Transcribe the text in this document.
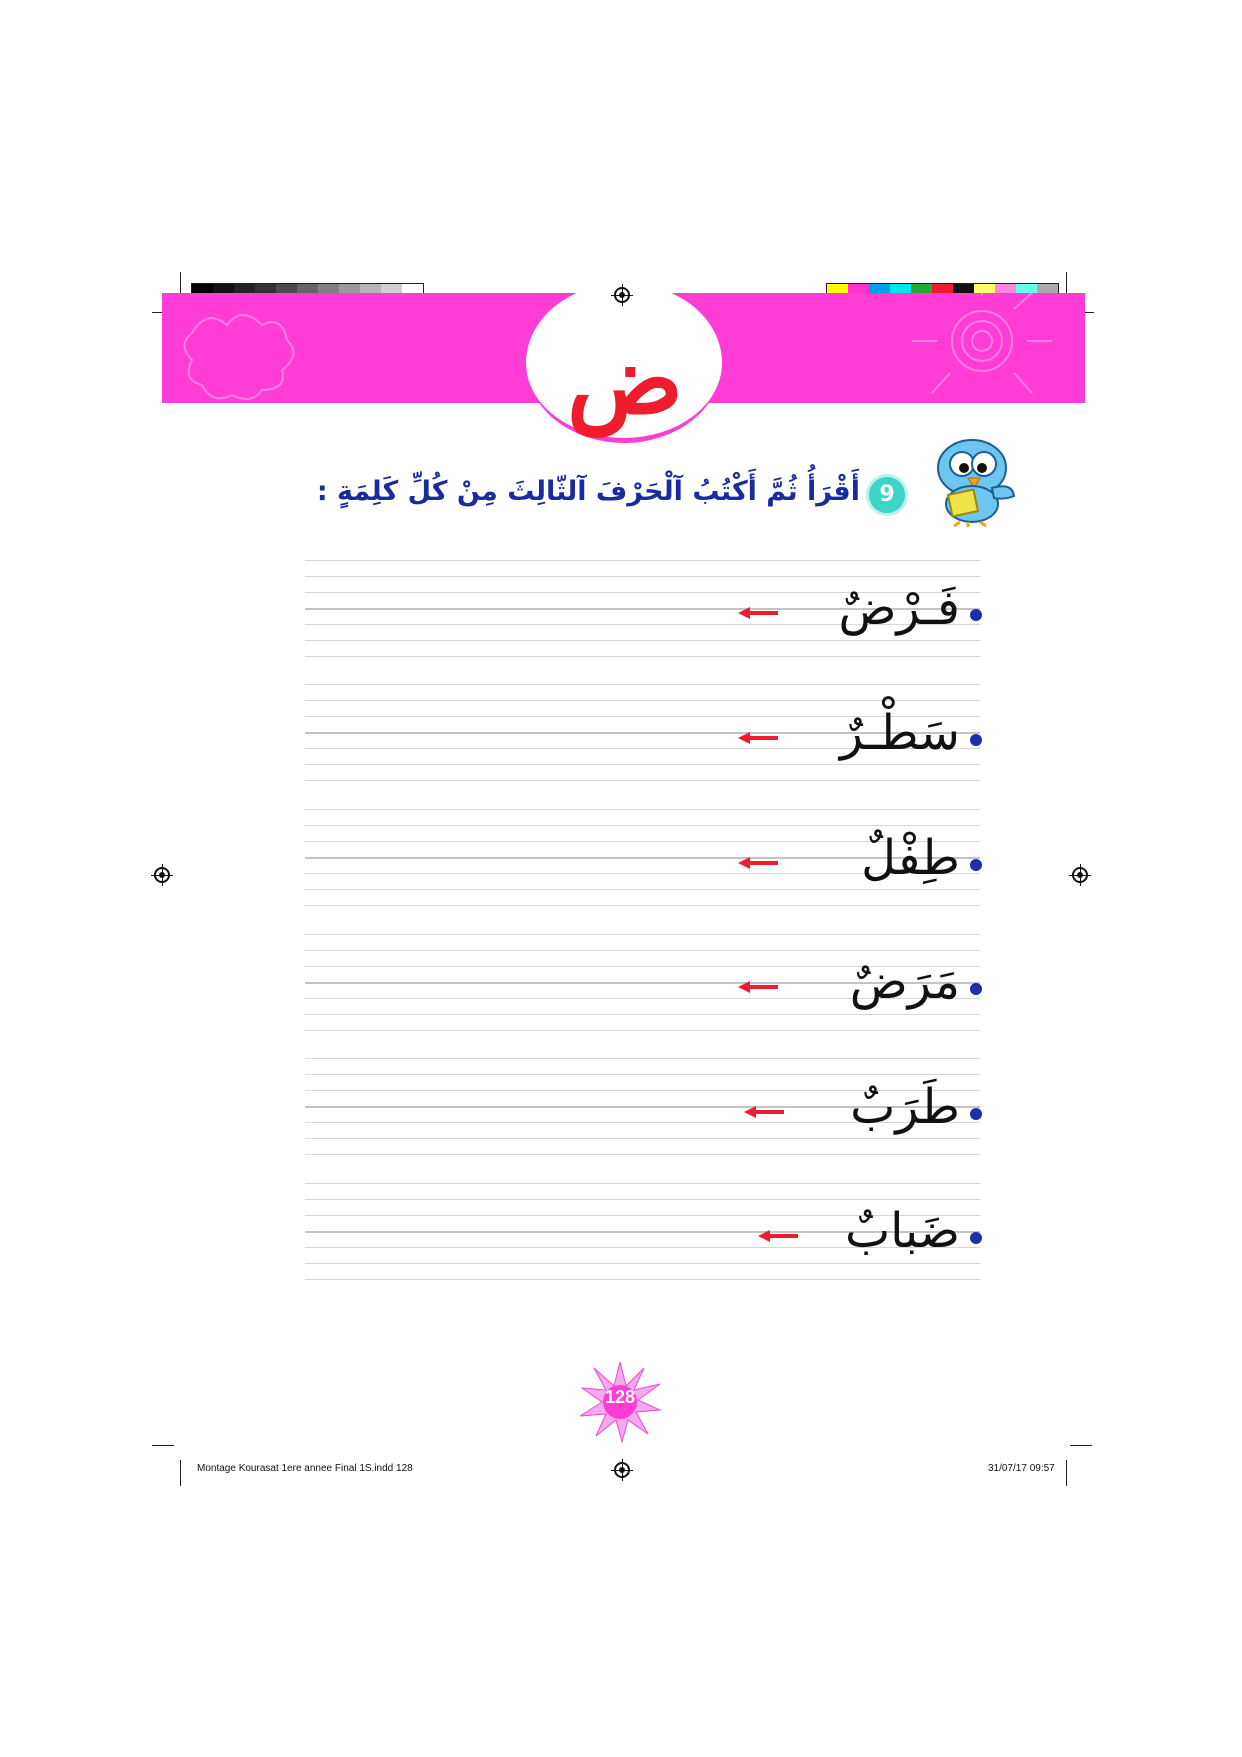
ض
أَقْرَأُ ثُمَّ أَكْتُبُ آلْحَرْفَ آلثّالِثَ مِنْ كُلِّ كَلِمَةٍ : 9
فَـرْضٌ
سَطْـرٌ
طِفْلٌ
مَرَضٌ
طَرَبٌ
ضَبابٌ
128
Montage Kourasat 1ere annee Final 1S.indd 128	31/07/17 09:57
